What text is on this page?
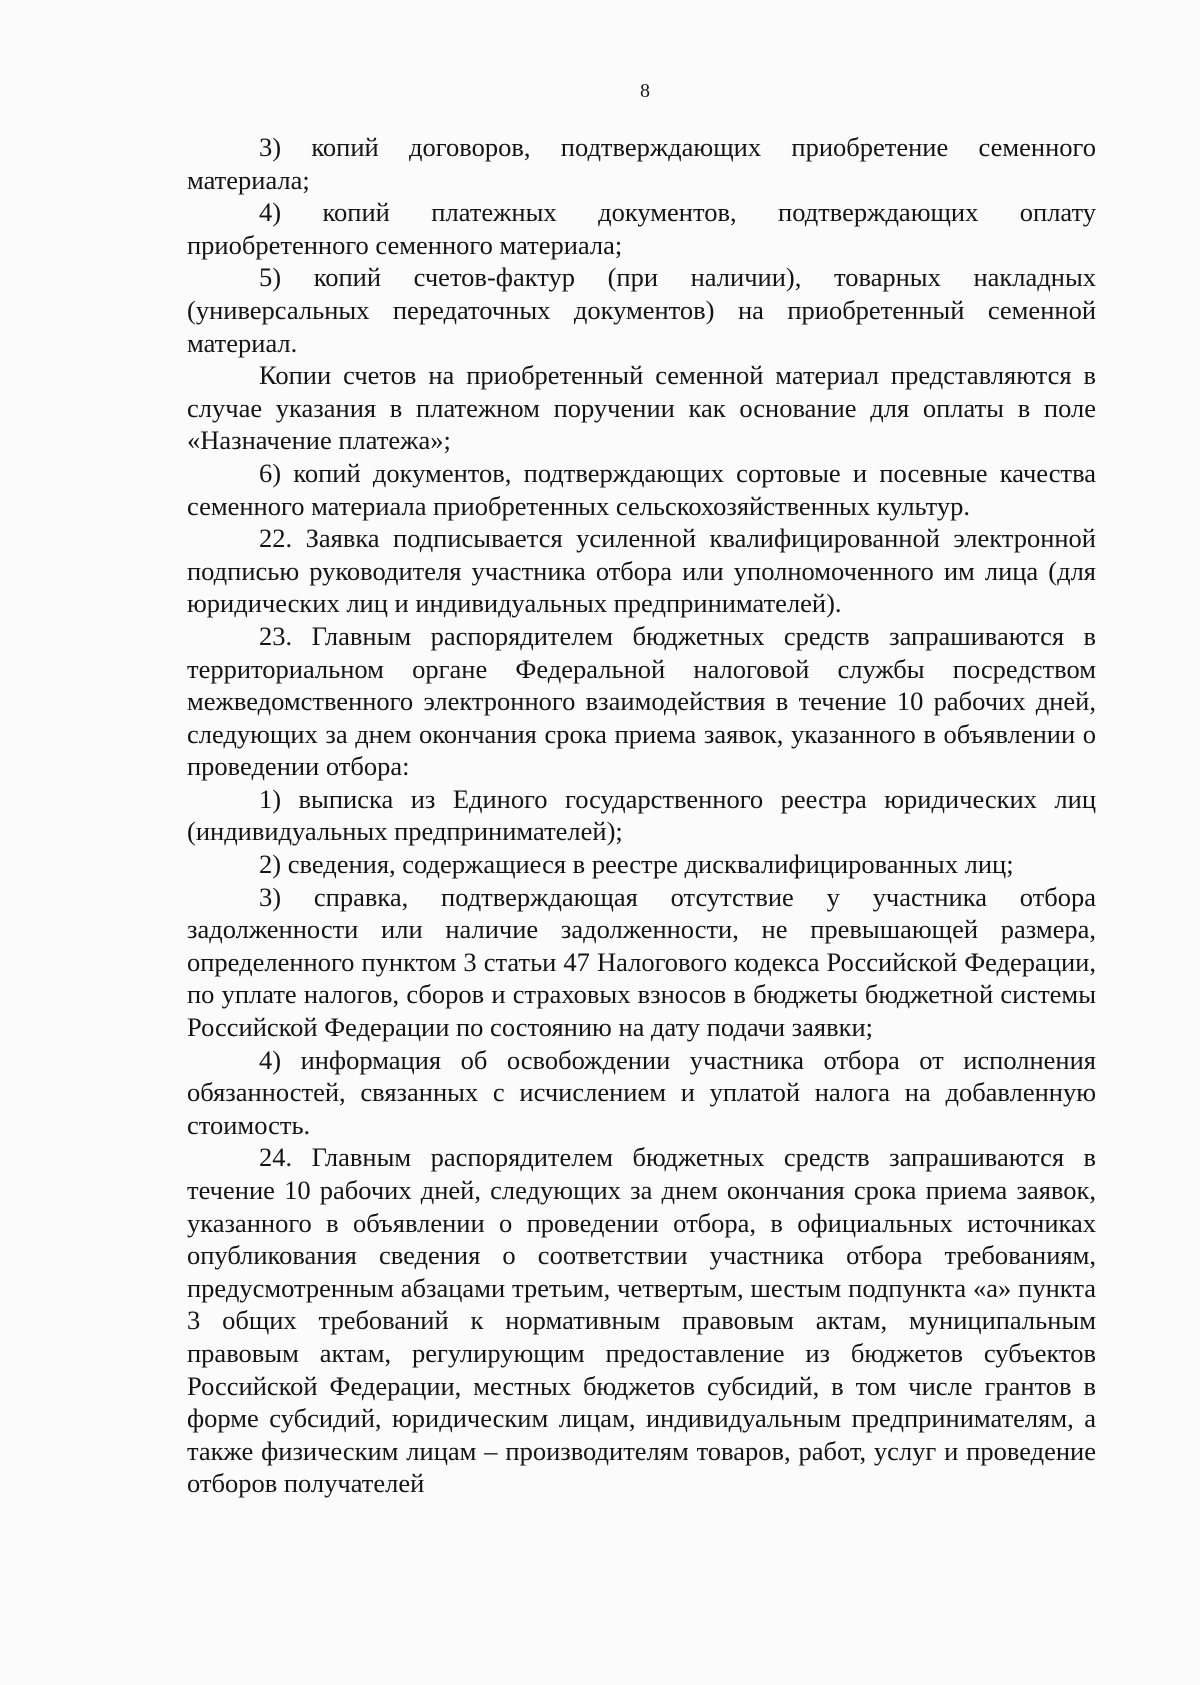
8

3) копий договоров, подтверждающих приобретение семенного материала;

4) копий платежных документов, подтверждающих оплату приобретенного семенного материала;

5) копий счетов-фактур (при наличии), товарных накладных (универсальных передаточных документов) на приобретенный семенной материал.

Копии счетов на приобретенный семенной материал представляются в случае указания в платежном поручении как основание для оплаты в поле «Назначение платежа»;

6) копий документов, подтверждающих сортовые и посевные качества семенного материала приобретенных сельскохозяйственных культур.

22. Заявка подписывается усиленной квалифицированной электронной подписью руководителя участника отбора или уполномоченного им лица (для юридических лиц и индивидуальных предпринимателей).

23. Главным распорядителем бюджетных средств запрашиваются в территориальном органе Федеральной налоговой службы посредством межведомственного электронного взаимодействия в течение 10 рабочих дней, следующих за днем окончания срока приема заявок, указанного в объявлении о проведении отбора:

1) выписка из Единого государственного реестра юридических лиц (индивидуальных предпринимателей);

2) сведения, содержащиеся в реестре дисквалифицированных лиц;

3) справка, подтверждающая отсутствие у участника отбора задолженности или наличие задолженности, не превышающей размера, определенного пунктом 3 статьи 47 Налогового кодекса Российской Федерации, по уплате налогов, сборов и страховых взносов в бюджеты бюджетной системы Российской Федерации по состоянию на дату подачи заявки;

4) информация об освобождении участника отбора от исполнения обязанностей, связанных с исчислением и уплатой налога на добавленную стоимость.

24. Главным распорядителем бюджетных средств запрашиваются в течение 10 рабочих дней, следующих за днем окончания срока приема заявок, указанного в объявлении о проведении отбора, в официальных источниках опубликования сведения о соответствии участника отбора требованиям, предусмотренным абзацами третьим, четвертым, шестым подпункта «а» пункта 3 общих требований к нормативным правовым актам, муниципальным правовым актам, регулирующим предоставление из бюджетов субъектов Российской Федерации, местных бюджетов субсидий, в том числе грантов в форме субсидий, юридическим лицам, индивидуальным предпринимателям, а также физическим лицам – производителям товаров, работ, услуг и проведение отборов получателей
